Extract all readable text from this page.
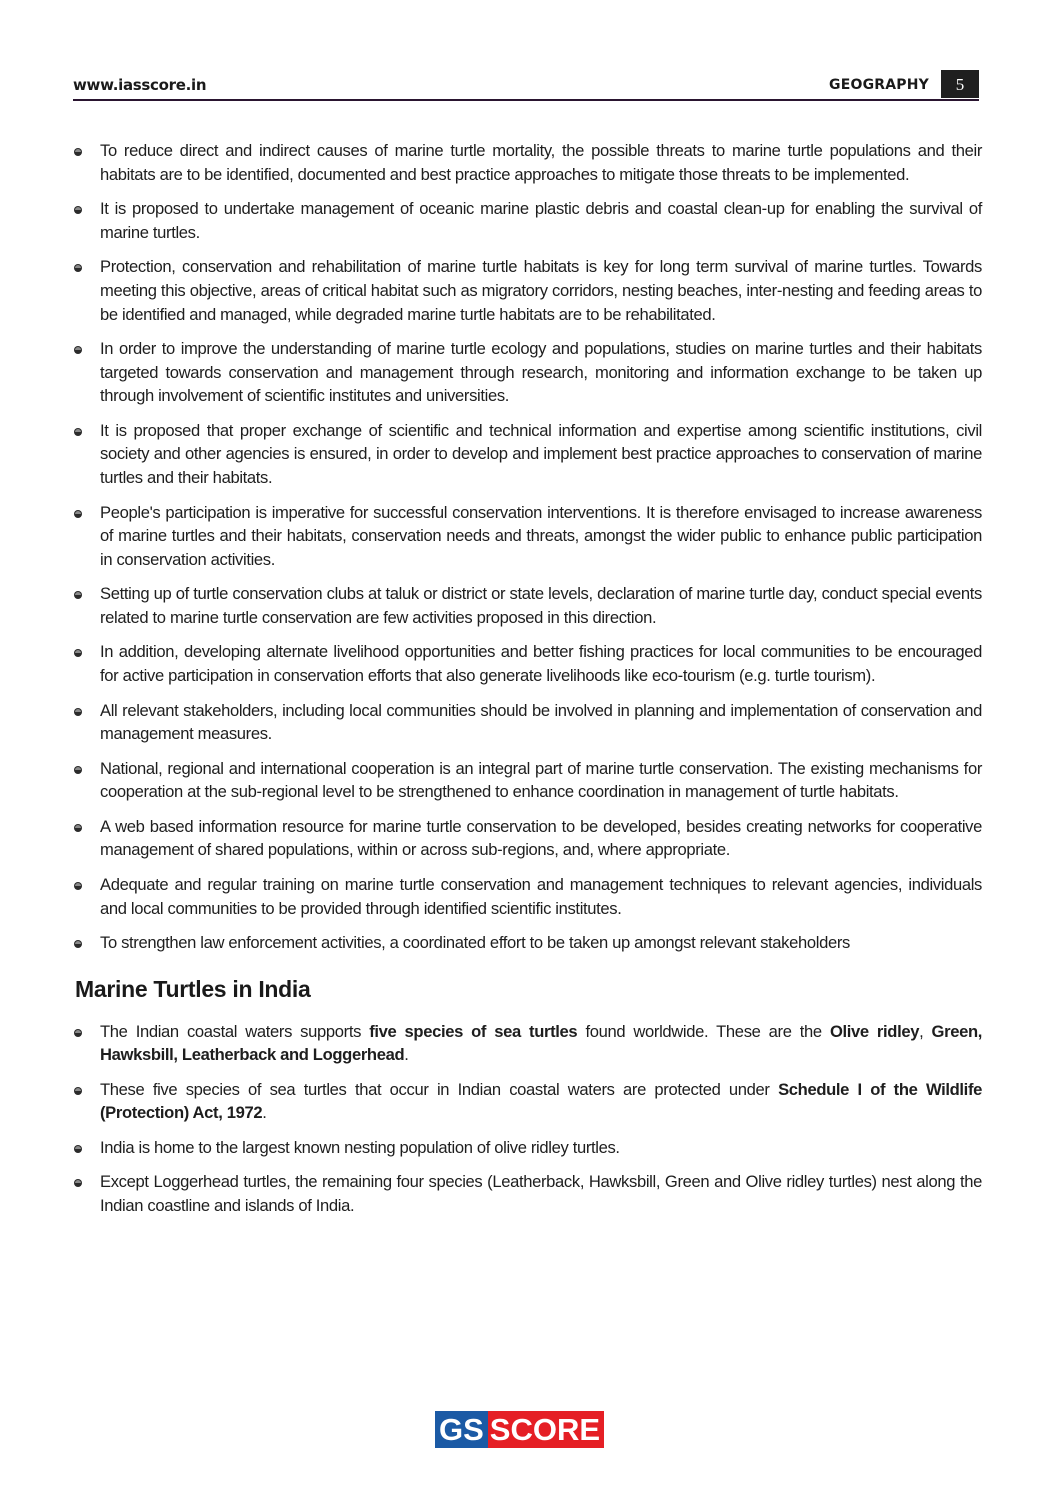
www.iasscore.in	GEOGRAPHY	5
To reduce direct and indirect causes of marine turtle mortality, the possible threats to marine turtle populations and their habitats are to be identified, documented and best practice approaches to mitigate those threats to be implemented.
It is proposed to undertake management of oceanic marine plastic debris and coastal clean-up for enabling the survival of marine turtles.
Protection, conservation and rehabilitation of marine turtle habitats is key for long term survival of marine turtles. Towards meeting this objective, areas of critical habitat such as migratory corridors, nesting beaches, inter-nesting and feeding areas to be identified and managed, while degraded marine turtle habitats are to be rehabilitated.
In order to improve the understanding of marine turtle ecology and populations, studies on marine turtles and their habitats targeted towards conservation and management through research, monitoring and information exchange to be taken up through involvement of scientific institutes and universities.
It is proposed that proper exchange of scientific and technical information and expertise among scientific institutions, civil society and other agencies is ensured, in order to develop and implement best practice approaches to conservation of marine turtles and their habitats.
People's participation is imperative for successful conservation interventions. It is therefore envisaged to increase awareness of marine turtles and their habitats, conservation needs and threats, amongst the wider public to enhance public participation in conservation activities.
Setting up of turtle conservation clubs at taluk or district or state levels, declaration of marine turtle day, conduct special events related to marine turtle conservation are few activities proposed in this direction.
In addition, developing alternate livelihood opportunities and better fishing practices for local communities to be encouraged for active participation in conservation efforts that also generate livelihoods like eco-tourism (e.g. turtle tourism).
All relevant stakeholders, including local communities should be involved in planning and implementation of conservation and management measures.
National, regional and international cooperation is an integral part of marine turtle conservation. The existing mechanisms for cooperation at the sub-regional level to be strengthened to enhance coordination in management of turtle habitats.
A web based information resource for marine turtle conservation to be developed, besides creating networks for cooperative management of shared populations, within or across sub-regions, and, where appropriate.
Adequate and regular training on marine turtle conservation and management techniques to relevant agencies, individuals and local communities to be provided through identified scientific institutes.
To strengthen law enforcement activities, a coordinated effort to be taken up amongst relevant stakeholders
Marine Turtles in India
The Indian coastal waters supports five species of sea turtles found worldwide. These are the Olive ridley, Green, Hawksbill, Leatherback and Loggerhead.
These five species of sea turtles that occur in Indian coastal waters are protected under Schedule I of the Wildlife (Protection) Act, 1972.
India is home to the largest known nesting population of olive ridley turtles.
Except Loggerhead turtles, the remaining four species (Leatherback, Hawksbill, Green and Olive ridley turtles) nest along the Indian coastline and islands of India.
GS SCORE
